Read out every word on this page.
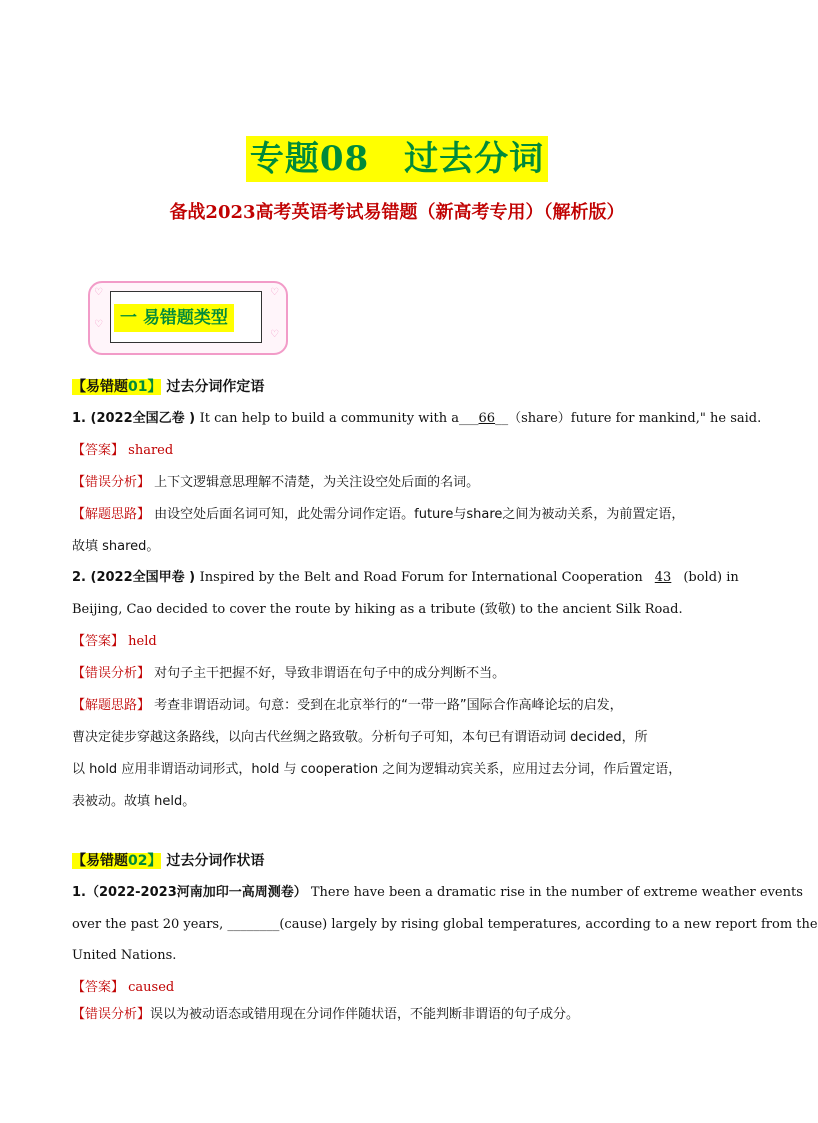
专题08　过去分词
备战2023高考英语考试易错题（新高考专用）（解析版）
♡
♡
♡
♡
一 易错题类型
【易错题01】 过去分词作定语
1. (2022全国乙卷 ) It can help to build a community with a___66__（share）future for mankind," he said.
【答案】 shared
【错误分析】 上下文逻辑意思理解不清楚，为关注设空处后面的名词。
【解题思路】 由设空处后面名词可知，此处需分词作定语。future与share之间为被动关系，为前置定语，
故填 shared。
2. (2022全国甲卷 ) Inspired by the Belt and Road Forum for International Cooperation 43 (bold) in
Beijing, Cao decided to cover the route by hiking as a tribute (致敬) to the ancient Silk Road.
【答案】 held
【错误分析】 对句子主干把握不好，导致非谓语在句子中的成分判断不当。
【解题思路】 考查非谓语动词。句意：受到在北京举行的“一带一路”国际合作高峰论坛的启发，
曹决定徒步穿越这条路线，以向古代丝绸之路致敬。分析句子可知，本句已有谓语动词 decided，所
以 hold 应用非谓语动词形式，hold 与 cooperation 之间为逻辑动宾关系，应用过去分词，作后置定语，
表被动。故填 held。
【易错题02】 过去分词作状语
1.（2022-2023河南加印一高周测卷） There have been a dramatic rise in the number of extreme weather events
over the past 20 years, ________(cause) largely by rising global temperatures, according to a new report from the
United Nations.
【答案】 caused
【错误分析】误以为被动语态或错用现在分词作伴随状语，不能判断非谓语的句子成分。
